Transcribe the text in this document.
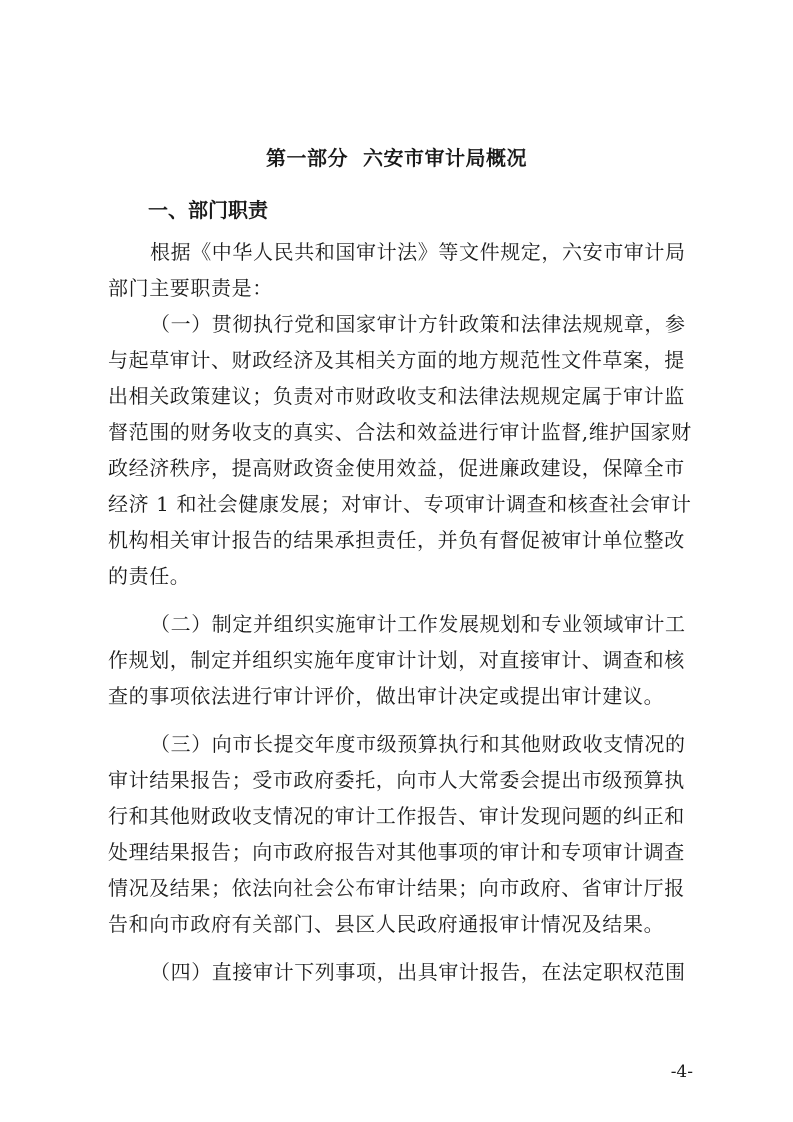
第一部分  六安市审计局概况
一、部门职责
根据《中华人民共和国审计法》等文件规定，六安市审计局
部门主要职责是：
（一）贯彻执行党和国家审计方针政策和法律法规规章，参
与起草审计、财政经济及其相关方面的地方规范性文件草案，提
出相关政策建议；负责对市财政收支和法律法规规定属于审计监
督范围的财务收支的真实、合法和效益进行审计监督,维护国家财
政经济秩序，提高财政资金使用效益，促进廉政建设，保障全市
经济 1 和社会健康发展；对审计、专项审计调查和核查社会审计
机构相关审计报告的结果承担责任，并负有督促被审计单位整改
的责任。
（二）制定并组织实施审计工作发展规划和专业领域审计工
作规划，制定并组织实施年度审计计划，对直接审计、调查和核
查的事项依法进行审计评价，做出审计决定或提出审计建议。
（三）向市长提交年度市级预算执行和其他财政收支情况的
审计结果报告；受市政府委托，向市人大常委会提出市级预算执
行和其他财政收支情况的审计工作报告、审计发现问题的纠正和
处理结果报告；向市政府报告对其他事项的审计和专项审计调查
情况及结果；依法向社会公布审计结果；向市政府、省审计厅报
告和向市政府有关部门、县区人民政府通报审计情况及结果。
（四）直接审计下列事项，出具审计报告，在法定职权范围
-4-
